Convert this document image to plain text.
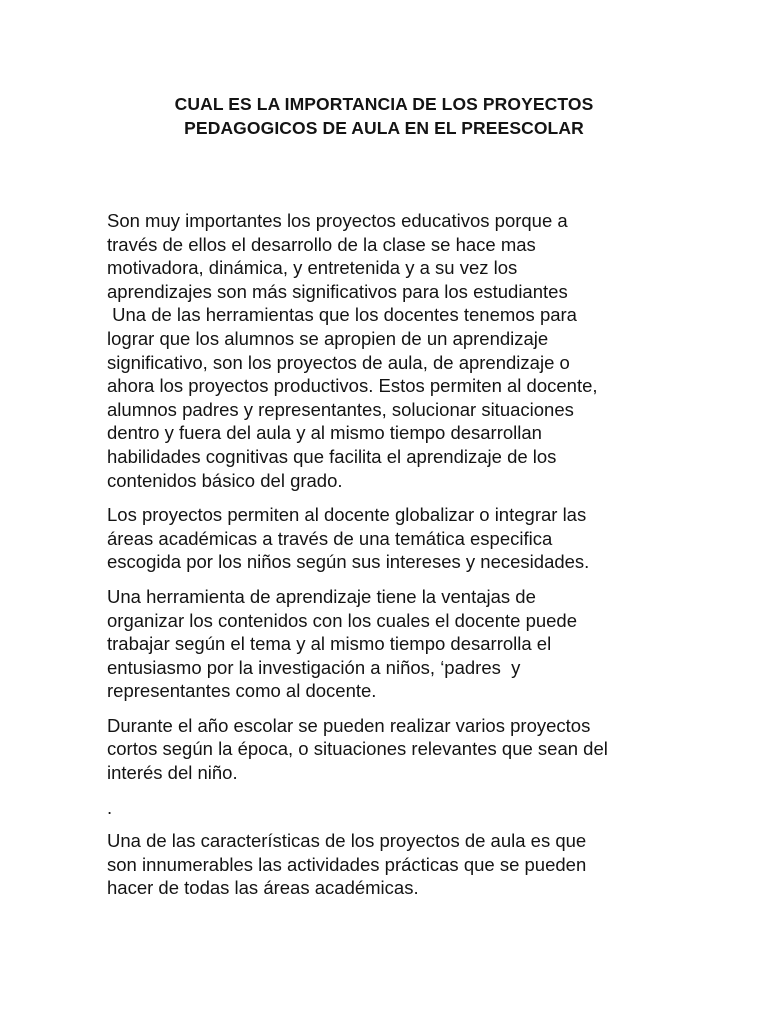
CUAL ES LA IMPORTANCIA DE LOS PROYECTOS
PEDAGOGICOS DE AULA EN EL PREESCOLAR

Son muy importantes los proyectos educativos porque a
través de ellos el desarrollo de la clase se hace mas
motivadora, dinámica, y entretenida y a su vez los
aprendizajes son más significativos para los estudiantes
Una de las herramientas que los docentes tenemos para
lograr que los alumnos se apropien de un aprendizaje
significativo, son los proyectos de aula, de aprendizaje o
ahora los proyectos productivos. Estos permiten al docente,
alumnos padres y representantes, solucionar situaciones
dentro y fuera del aula y al mismo tiempo desarrollan
habilidades cognitivas que facilita el aprendizaje de los
contenidos básico del grado.

Los proyectos permiten al docente globalizar o integrar las
áreas académicas a través de una temática especifica
escogida por los niños según sus intereses y necesidades.

Una herramienta de aprendizaje tiene la ventajas de
organizar los contenidos con los cuales el docente puede
trabajar según el tema y al mismo tiempo desarrolla el
entusiasmo por la investigación a niños, ‘padres  y
representantes como al docente.

Durante el año escolar se pueden realizar varios proyectos
cortos según la época, o situaciones relevantes que sean del
interés del niño.

.

Una de las características de los proyectos de aula es que
son innumerables las actividades prácticas que se pueden
hacer de todas las áreas académicas.
